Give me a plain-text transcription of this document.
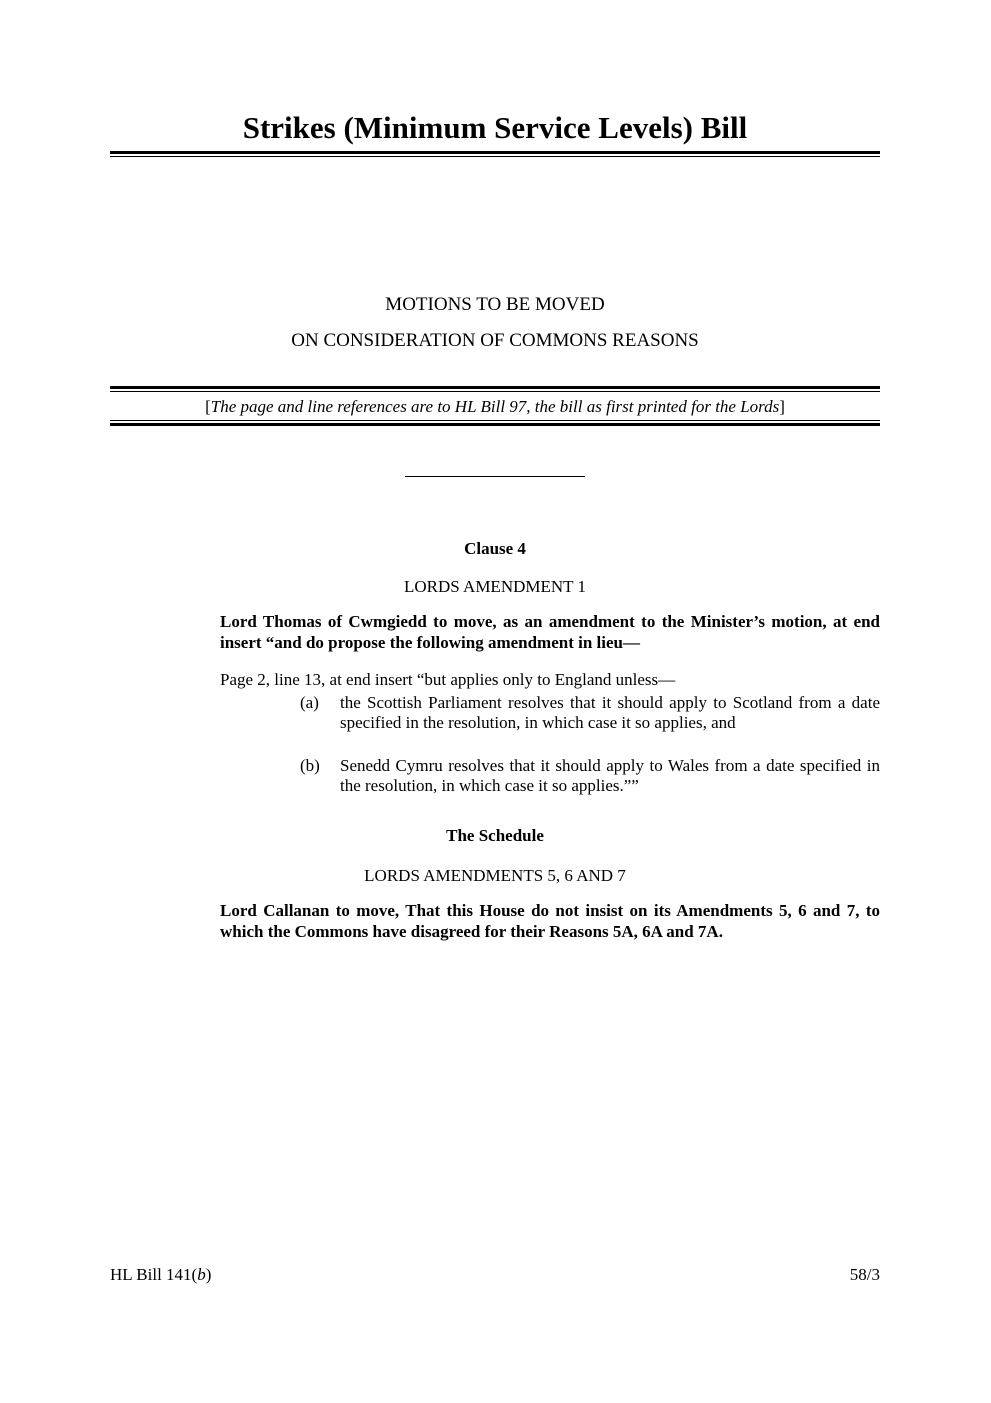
Strikes (Minimum Service Levels) Bill
MOTIONS TO BE MOVED
ON CONSIDERATION OF COMMONS REASONS
[The page and line references are to HL Bill 97, the bill as first printed for the Lords]
Clause 4
LORDS AMENDMENT 1
Lord Thomas of Cwmgiedd to move, as an amendment to the Minister’s motion, at end insert “and do propose the following amendment in lieu—
Page 2, line 13, at end insert “but applies only to England unless—
(a) the Scottish Parliament resolves that it should apply to Scotland from a date specified in the resolution, in which case it so applies, and
(b) Senedd Cymru resolves that it should apply to Wales from a date specified in the resolution, in which case it so applies.””
The Schedule
LORDS AMENDMENTS 5, 6 AND 7
Lord Callanan to move, That this House do not insist on its Amendments 5, 6 and 7, to which the Commons have disagreed for their Reasons 5A, 6A and 7A.
HL Bill 141(b)	58/3
